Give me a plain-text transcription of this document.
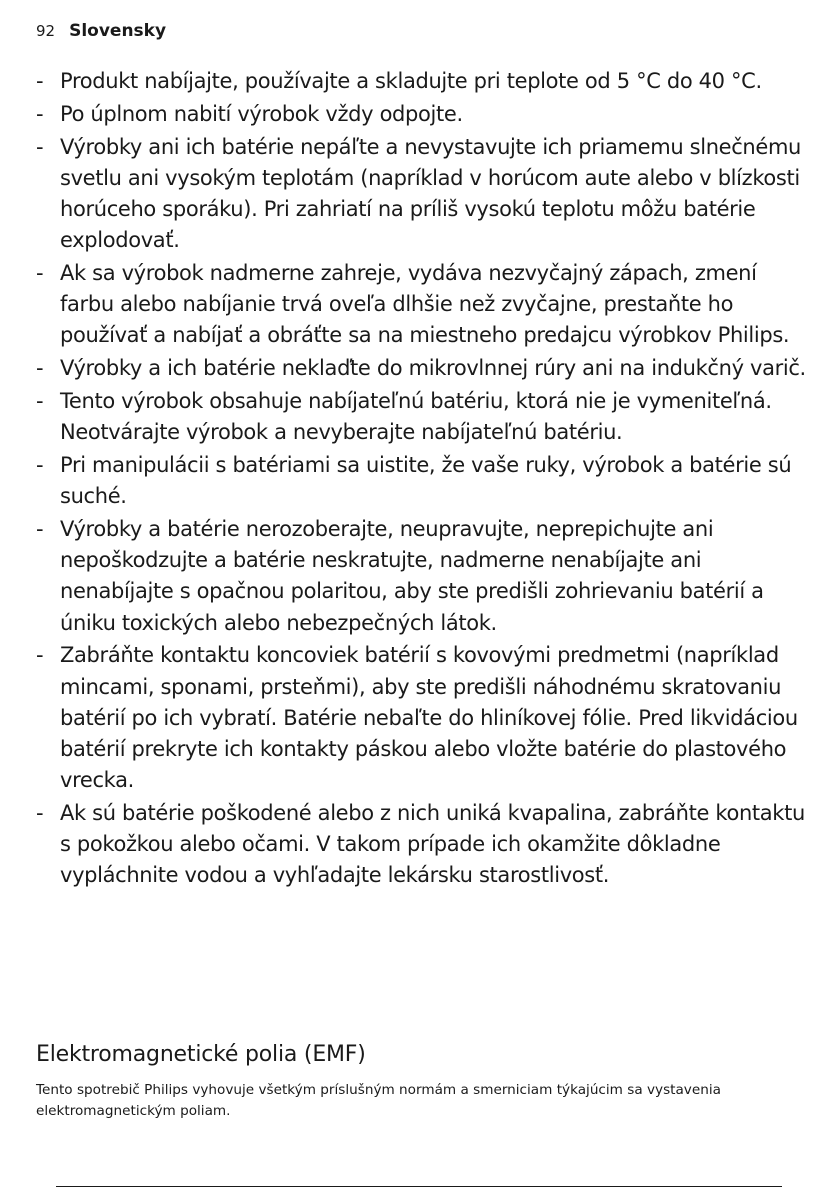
92 Slovensky
- Produkt nabíjajte, používajte a skladujte pri teplote od 5 °C do 40 °C.
- Po úplnom nabití výrobok vždy odpojte.
- Výrobky ani ich batérie nepáľte a nevystavujte ich priamemu slnečnému svetlu ani vysokým teplotám (napríklad v horúcom aute alebo v blízkosti horúceho sporáku). Pri zahriatí na príliš vysokú teplotu môžu batérie explodovať.
- Ak sa výrobok nadmerne zahreje, vydáva nezvyčajný zápach, zmení farbu alebo nabíjanie trvá oveľa dlhšie než zvyčajne, prestaňte ho používať a nabíjať a obráťte sa na miestneho predajcu výrobkov Philips.
- Výrobky a ich batérie neklaďte do mikrovlnnej rúry ani na indukčný varič.
- Tento výrobok obsahuje nabíjateľnú batériu, ktorá nie je vymeniteľná. Neotvárajte výrobok a nevyberajte nabíjateľnú batériu.
- Pri manipulácii s batériami sa uistite, že vaše ruky, výrobok a batérie sú suché.
- Výrobky a batérie nerozoberajte, neupravujte, neprepichujte ani nepoškodzujte a batérie neskratujte, nadmerne nenabíjajte ani nenabíjajte s opačnou polaritou, aby ste predišli zohrievaniu batérií a úniku toxických alebo nebezpečných látok.
- Zabráňte kontaktu koncoviek batérií s kovovými predmetmi (napríklad mincami, sponami, prsteňmi), aby ste predišli náhodnému skratovaniu batérií po ich vybratí. Batérie nebaľte do hliníkovej fólie. Pred likvidáciou batérií prekryte ich kontakty páskou alebo vložte batérie do plastového vrecka.
- Ak sú batérie poškodené alebo z nich uniká kvapalina, zabráňte kontaktu s pokožkou alebo očami. V takom prípade ich okamžite dôkladne vypláchnite vodou a vyhľadajte lekársku starostlivosť.
Elektromagnetické polia (EMF)

Tento spotrebič Philips vyhovuje všetkým príslušným normám a smerniciam týkajúcim sa vystavenia elektromagnetickým poliam.
